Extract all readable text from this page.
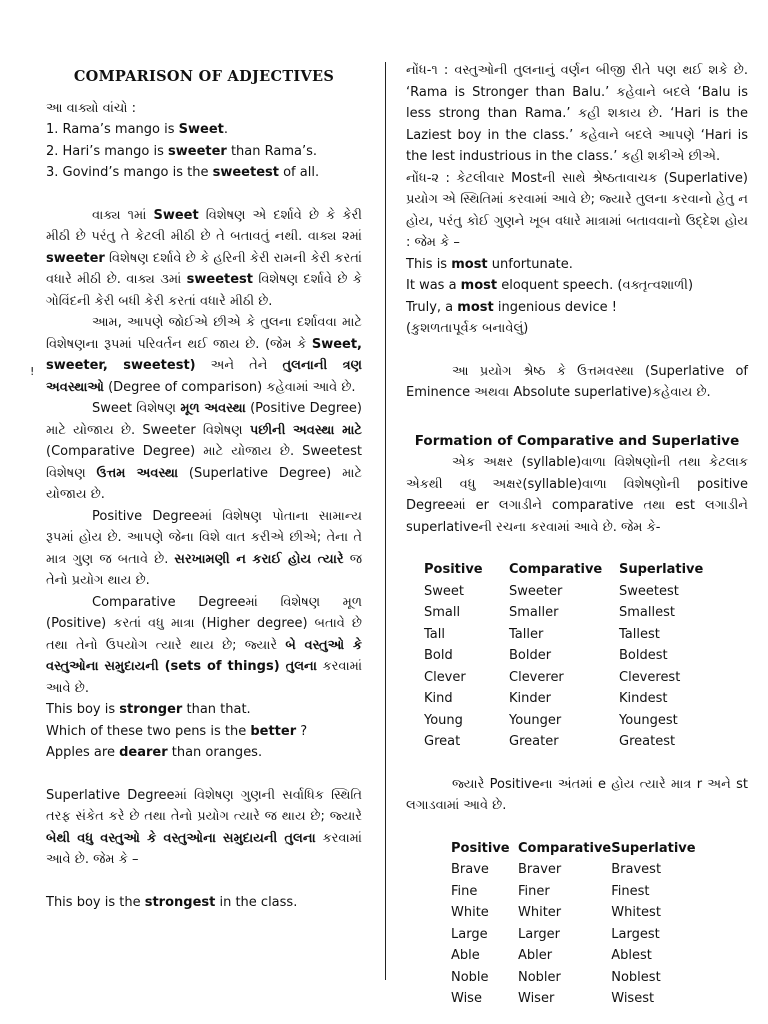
!
COMPARISON OF ADJECTIVES

આ વાક્યો વાંચો :

1. Rama’s mango is Sweet.

2. Hari’s mango is sweeter than Rama’s.

3. Govind’s mango is the sweetest of all.

વાક્ય ૧માં Sweet વિશેષણ એ દર્શાવે છે કે કેરી મીઠી છે પરંતુ તે કેટલી મીઠી છે તે બતાવતું નથી. વાક્ય ૨માં sweeter વિશેષણ દર્શાવે છે કે હરિની કેરી રામની કેરી કરતાં વધારે મીઠી છે. વાક્ય ૩માં sweetest વિશેષણ દર્શાવે છે કે ગોવિંદની કેરી બધી કેરી કરતાં વધારે મીઠી છે.

આમ, આપણે જોઈએ છીએ કે તુલના દર્શાવવા માટે વિશેષણના રૂપમાં પરિવર્તન થઈ જાય છે. (જેમ કે Sweet, sweeter, sweetest) અને તેને તુલનાની ત્રણ અવસ્થાઓ (Degree of comparison) કહેવામાં આવે છે.

Sweet વિશેષણ મૂળ અવસ્થા (Positive Degree) માટે યોજાય છે. Sweeter વિશેષણ પછીની અવસ્થા માટે (Comparative Degree) માટે યોજાય છે. Sweetest વિશેષણ ઉત્તમ અવસ્થા (Superlative Degree) માટે યોજાય છે.

Positive Degreeમાં વિશેષણ પોતાના સામાન્ય રૂપમાં હોય છે. આપણે જેના વિશે વાત કરીએ છીએ; તેના તે માત્ર ગુણ જ બતાવે છે. સરખામણી ન કરાઈ હોય ત્યારે જ તેનો પ્રયોગ થાય છે.

Comparative Degreeમાં વિશેષણ મૂળ (Positive) કરતાં વધુ માત્રા (Higher degree) બતાવે છે તથા તેનો ઉપયોગ ત્યારે થાય છે; જ્યારે બે વસ્તુઓ કે વસ્તુઓના સમુદાયની (sets of things) તુલના કરવામાં આવે છે.

This boy is stronger than that.

Which of these two pens is the better ?

Apples are dearer than oranges.

Superlative Degreeમાં વિશેષણ ગુણની સર્વાધિક સ્થિતિ તરફ સંકેત કરે છે તથા તેનો પ્રયોગ ત્યારે જ થાય છે; જ્યારે બેથી વધુ વસ્તુઓ કે વસ્તુઓના સમુદાયની તુલના કરવામાં આવે છે. જેમ કે –

This boy is the strongest in the class.

નોંધ-૧ : વસ્તુઓની તુલનાનું વર્ણન બીજી રીતે પણ થઈ શકે છે. ‘Rama is Stronger than Balu.’ કહેવાને બદલે ‘Balu is less strong than Rama.’ કહી શકાય છે. ‘Hari is the Laziest boy in the class.’ કહેવાને બદલે આપણે ‘Hari is the lest industrious in the class.’ કહી શકીએ છીએ.

નોંધ-૨ : કેટલીવાર Mostની સાથે શ્રેષ્ઠતાવાચક (Superlative) પ્રયોગ એ સ્થિતિમાં કરવામાં આવે છે; જ્યારે તુલના કરવાનો હેતુ ન હોય, પરંતુ કોઈ ગુણને ખૂબ વધારે માત્રામાં બતાવવાનો ઉદ્દેશ હોય : જેમ કે –

This is most unfortunate.

It was a most eloquent speech. (વક્તૃત્વશાળી)

Truly, a most ingenious device !

(કુશળતાપૂર્વક બનાવેલું)

આ પ્રયોગ શ્રેષ્ઠ કે ઉત્તમવસ્થા (Superlative of Eminence અથવા Absolute superlative)કહેવાય છે.

Formation of Comparative and Superlative

એક અક્ષર (syllable)વાળા વિશેષણોની તથા કેટલાક એકથી વધુ અક્ષર(syllable)વાળા વિશેષણોની positive Degreeમાં er લગાડીને comparative તથા est લગાડીને superlativeની રચના કરવામાં આવે છે. જેમ કે-

Positive	Comparative	Superlative
Sweet	Sweeter	Sweetest
Small	Smaller	Smallest
Tall	Taller	Tallest
Bold	Bolder	Boldest
Clever	Cleverer	Cleverest
Kind	Kinder	Kindest
Young	Younger	Youngest
Great	Greater	Greatest

જ્યારે Positiveના અંતમાં e હોય ત્યારે માત્ર r અને st લગાડવામાં આવે છે.

Positive	Comparative	Superlative
Brave	Braver	Bravest
Fine	Finer	Finest
White	Whiter	Whitest
Large	Larger	Largest
Able	Abler	Ablest
Noble	Nobler	Noblest
Wise	Wiser	Wisest
